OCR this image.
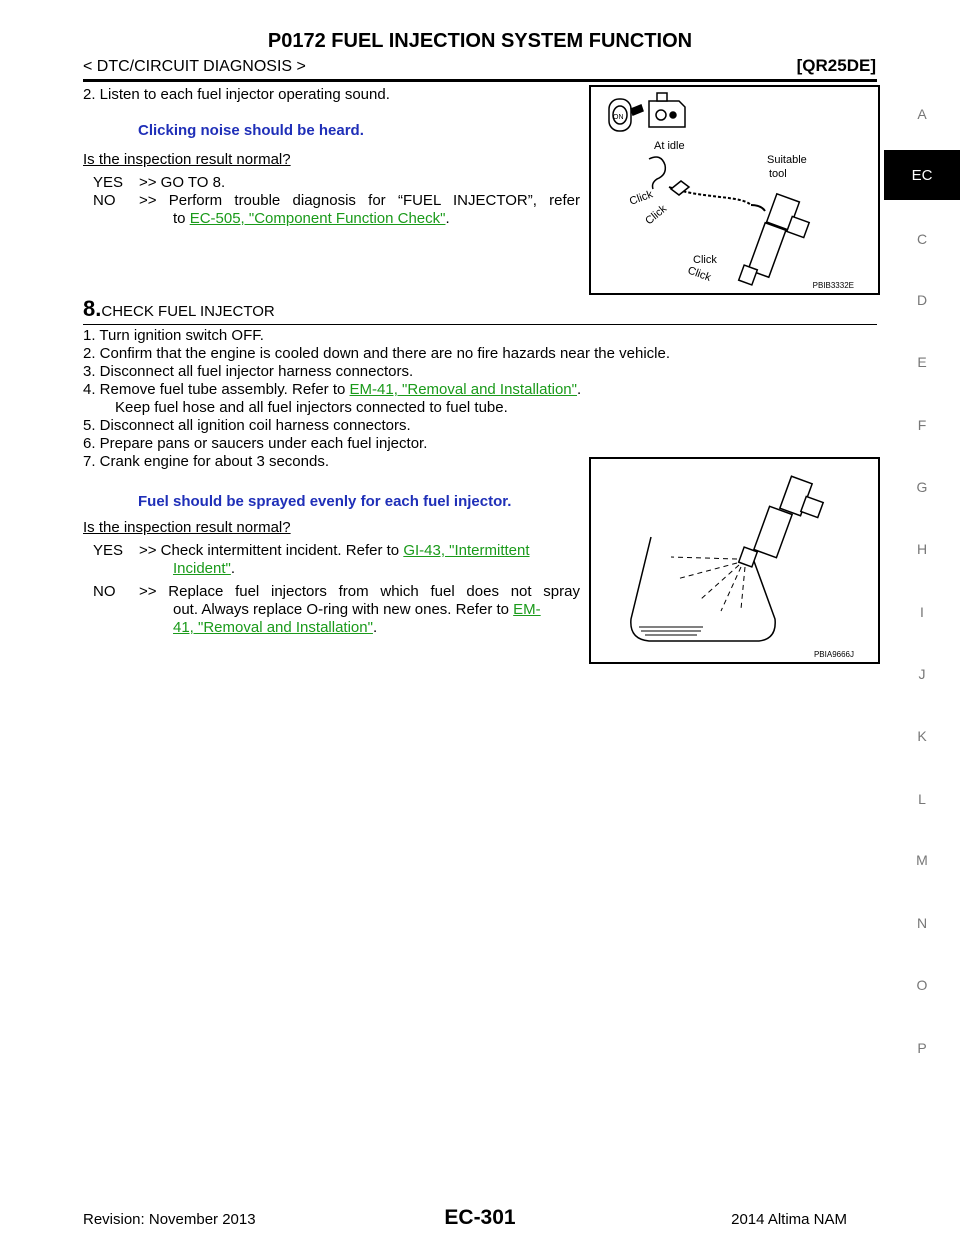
P0172 FUEL INJECTION SYSTEM FUNCTION
< DTC/CIRCUIT DIAGNOSIS >	[QR25DE]
2. Listen to each fuel injector operating sound.
Clicking noise should be heard.
Is the inspection result normal?
YES >> GO TO 8.
NO >> Perform trouble diagnosis for “FUEL INJECTOR”, refer
to EC-505, "Component Function Check".
ON
At idle
Suitable
tool
Click
Click
Click
Click
PBIB3332E
8.CHECK FUEL INJECTOR
1. Turn ignition switch OFF.
2. Confirm that the engine is cooled down and there are no fire hazards near the vehicle.
3. Disconnect all fuel injector harness connectors.
4. Remove fuel tube assembly. Refer to EM-41, "Removal and Installation".
Keep fuel hose and all fuel injectors connected to fuel tube.
5. Disconnect all ignition coil harness connectors.
6. Prepare pans or saucers under each fuel injector.
7. Crank engine for about 3 seconds.
Fuel should be sprayed evenly for each fuel injector.
Is the inspection result normal?
YES >> Check intermittent incident. Refer to GI-43, "Intermittent
Incident".
NO >> Replace fuel injectors from which fuel does not spray
out. Always replace O-ring with new ones. Refer to EM-
41, "Removal and Installation".
PBIA9666J
A
EC
C
D
E
F
G
H
I
J
K
L
M
N
O
P
Revision: November 2013	EC-301	2014 Altima NAM
